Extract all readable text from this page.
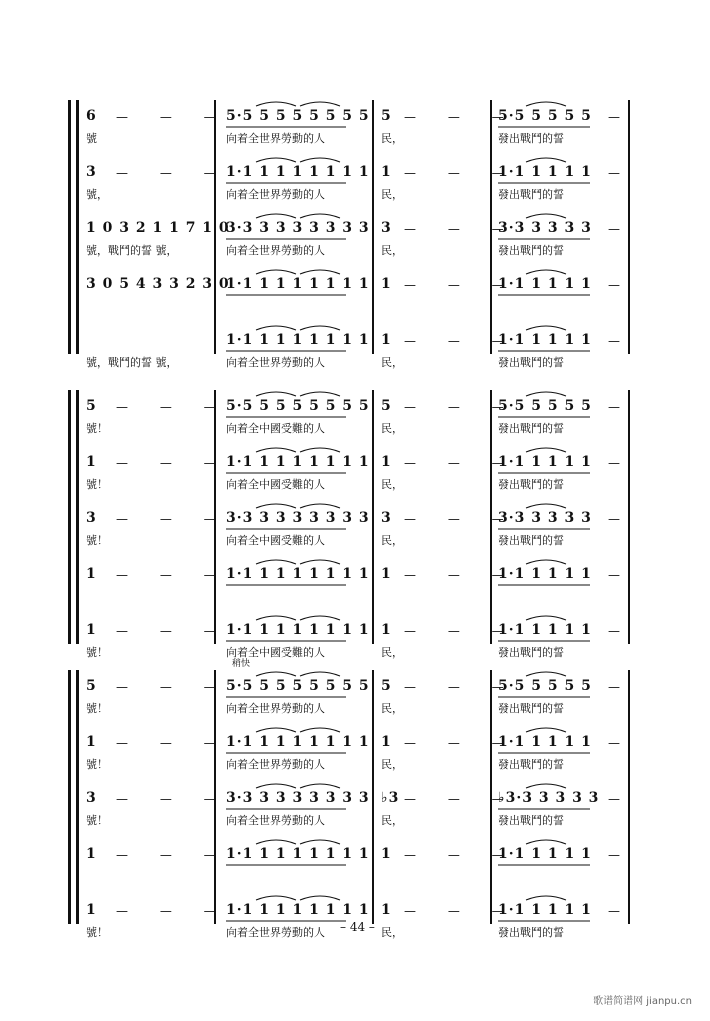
6
號
5·5 5 5 5 5 5 5 5
向着全世界勞動的人
5
民，
5·5 5 5 5 5
發出戰鬥的誓
— — —	— — —	—
3
號，
1·1 1 1 1 1 1 1 1
向着全世界勞動的人
1
民，
1·1 1 1 1 1
發出戰鬥的誓
— — —	— — —	—
1 0 3 2 1 1 7 1 0
號，戰鬥的誓 號，
3·3 3 3 3 3 3 3 3
向着全世界勞動的人
3
民，
3·3 3 3 3 3
發出戰鬥的誓
— — —	—
3 0 5 4 3 3 2 3 0
1·1 1 1 1 1 1 1 1 1	1·1 1 1 1 1
— — —	—
號，戰鬥的誓 號，
1·1 1 1 1 1 1 1 1
向着全世界勞動的人
1
民，
1·1 1 1 1 1
發出戰鬥的誓
— — —	—
5
號！
5·5 5 5 5 5 5 5 5
向着全中國受難的人
5
民，
5·5 5 5 5 5
發出戰鬥的誓
— — —	— — —	—
1
號！
1·1 1 1 1 1 1 1 1
向着全中國受難的人
1
民，
1·1 1 1 1 1
發出戰鬥的誓
— — —	— — —	—
3
號！
3·3 3 3 3 3 3 3 3
向着全中國受難的人
3
民，
3·3 3 3 3 3
發出戰鬥的誓
— — —	— — —	—
1	1·1 1 1 1 1 1 1 1 1	1·1 1 1 1 1
— — —	— — —	—
1
號！
1·1 1 1 1 1 1 1 1
向着全中國受難的人
1
民，
1·1 1 1 1 1
發出戰鬥的誓
— — —	— — —	—
5
號！
5·5 5 5 5 5 5 5 5
向着全世界勞動的人
5
民，
5·5 5 5 5 5
發出戰鬥的誓
— — —	— — —	—
1
號！
1·1 1 1 1 1 1 1 1
向着全世界勞動的人
1
民，
1·1 1 1 1 1
發出戰鬥的誓
— — —	— — —	—
3
號！
3·3 3 3 3 3 3 3 3
向着全世界勞動的人
♭3
民，
♭3·3 3 3 3 3
發出戰鬥的誓
— — —	— — —	—
1	1·1 1 1 1 1 1 1 1 1	1·1 1 1 1 1
— — —	— — —	—
1
號！
1·1 1 1 1 1 1 1 1
向着全世界勞動的人
1
民，
1·1 1 1 1 1
發出戰鬥的誓
— — —	— — —	—
稍快
– 44 –
歌谱简谱网 jianpu.cn
